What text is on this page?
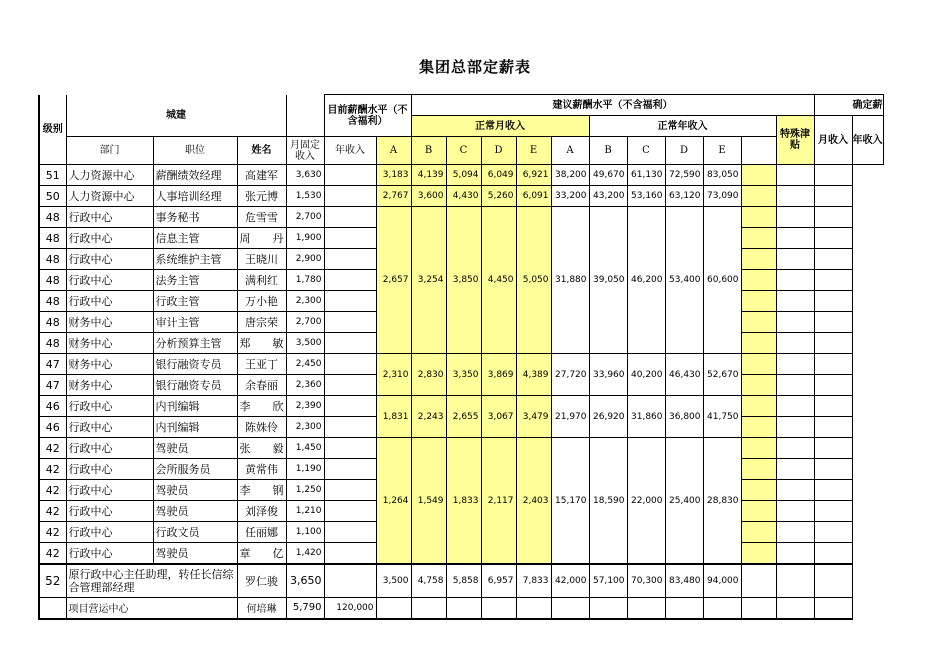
集团总部定薪表
级别	城建				目前薪酬水平（不含福利）		建议薪酬水平（不含福利）											确定薪	
							正常月收入					正常年收入					特殊津贴	月收入	年收入
	部门	职位	姓名	月固定收入	年收入	A	B	C	D	E	A	B	C	D	E				
51	人力资源中心	薪酬绩效经理	高建军	3,630		3,183	4,139	5,094	6,049	6,921	38,200	49,670	61,130	72,590	83,050				
50	人力资源中心	人事培训经理	张元博	1,530		2,767	3,600	4,430	5,260	6,091	33,200	43,200	53,160	63,120	73,090				
48	行政中心	事务秘书	危雪雪	2,700		2,657	3,254	3,850	4,450	5,050	31,880	39,050	46,200	53,400	60,600				
48	行政中心	信息主管	周　　丹	1,900															
48	行政中心	系统维护主管	王晓川	2,900															
48	行政中心	法务主管	满利红	1,780															
48	行政中心	行政主管	万小艳	2,300															
48	财务中心	审计主管	唐宗荣	2,700															
48	财务中心	分析预算主管	郑　　敏	3,500															
47	财务中心	银行融资专员	王亚丁	2,450		2,310	2,830	3,350	3,869	4,389	27,720	33,960	40,200	46,430	52,670				
47	财务中心	银行融资专员	余春丽	2,360															
46	行政中心	内刊编辑	李　　欣	2,390		1,831	2,243	2,655	3,067	3,479	21,970	26,920	31,860	36,800	41,750				
46	行政中心	内刊编辑	陈姝伶	2,300															
42	行政中心	驾驶员	张　　毅	1,450		1,264	1,549	1,833	2,117	2,403	15,170	18,590	22,000	25,400	28,830				
42	行政中心	会所服务员	黄常伟	1,190															
42	行政中心	驾驶员	李　　钢	1,250															
42	行政中心	驾驶员	刘泽俊	1,210															
42	行政中心	行政文员	任丽娜	1,100															
42	行政中心	驾驶员	章　　亿	1,420															
52	原行政中心主任助理，转任长信综合管理部经理	罗仁骏	3,650		3,500	4,758	5,858	6,957	7,833	42,000	57,100	70,300	83,480	94,000			
	项目营运中心	何培琳	5,790	120,000													
